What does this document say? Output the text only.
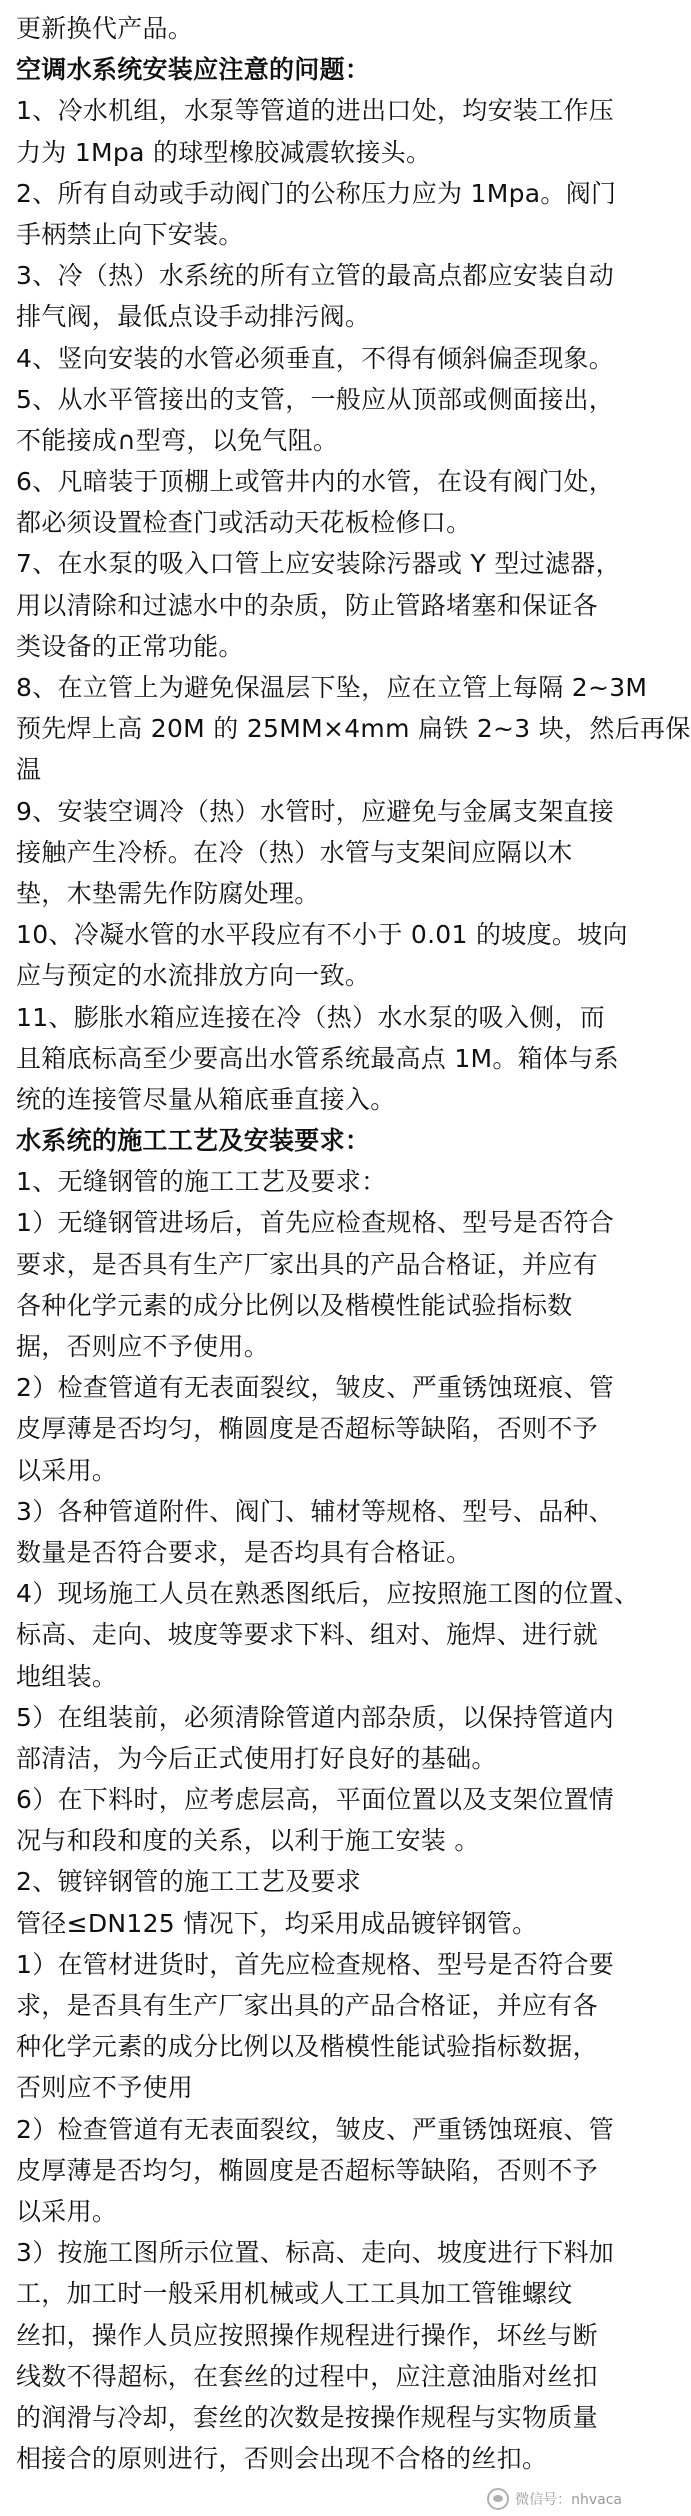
更新换代产品。
空调水系统安装应注意的问题：
1、冷水机组，水泵等管道的进出口处，均安装工作压
力为 1Mpa 的球型橡胶减震软接头。
2、所有自动或手动阀门的公称压力应为 1Mpa。阀门
手柄禁止向下安装。
3、冷（热）水系统的所有立管的最高点都应安装自动
排气阀，最低点设手动排污阀。
4、竖向安装的水管必须垂直，不得有倾斜偏歪现象。
5、从水平管接出的支管，一般应从顶部或侧面接出，
不能接成∩型弯，以免气阻。
6、凡暗装于顶棚上或管井内的水管，在设有阀门处，
都必须设置检查门或活动天花板检修口。
7、在水泵的吸入口管上应安装除污器或 Y 型过滤器，
用以清除和过滤水中的杂质，防止管路堵塞和保证各
类设备的正常功能。
8、在立管上为避免保温层下坠，应在立管上每隔 2~3M
预先焊上高 20M 的 25MM×4mm 扁铁 2~3 块，然后再保
温
9、安装空调冷（热）水管时，应避免与金属支架直接
接触产生冷桥。在冷（热）水管与支架间应隔以木
垫，木垫需先作防腐处理。
10、冷凝水管的水平段应有不小于 0.01 的坡度。坡向
应与预定的水流排放方向一致。
11、膨胀水箱应连接在冷（热）水水泵的吸入侧，而
且箱底标高至少要高出水管系统最高点 1M。箱体与系
统的连接管尽量从箱底垂直接入。
水系统的施工工艺及安装要求：
1、无缝钢管的施工工艺及要求：
1）无缝钢管进场后，首先应检查规格、型号是否符合
要求，是否具有生产厂家出具的产品合格证，并应有
各种化学元素的成分比例以及楷模性能试验指标数
据，否则应不予使用。
2）检查管道有无表面裂纹，皱皮、严重锈蚀斑痕、管
皮厚薄是否均匀，椭圆度是否超标等缺陷，否则不予
以采用。
3）各种管道附件、阀门、辅材等规格、型号、品种、
数量是否符合要求，是否均具有合格证。
4）现场施工人员在熟悉图纸后，应按照施工图的位置、
标高、走向、坡度等要求下料、组对、施焊、进行就
地组装。
5）在组装前，必须清除管道内部杂质，以保持管道内
部清洁，为今后正式使用打好良好的基础。
6）在下料时，应考虑层高，平面位置以及支架位置情
况与和段和度的关系，以利于施工安装 。
2、镀锌钢管的施工工艺及要求
管径≤DN125 情况下，均采用成品镀锌钢管。
1）在管材进货时，首先应检查规格、型号是否符合要
求，是否具有生产厂家出具的产品合格证，并应有各
种化学元素的成分比例以及楷模性能试验指标数据，
否则应不予使用
2）检查管道有无表面裂纹，皱皮、严重锈蚀斑痕、管
皮厚薄是否均匀，椭圆度是否超标等缺陷，否则不予
以采用。
3）按施工图所示位置、标高、走向、坡度进行下料加
工，加工时一般采用机械或人工工具加工管锥螺纹
丝扣，操作人员应按照操作规程进行操作，坏丝与断
线数不得超标，在套丝的过程中，应注意油脂对丝扣
的润滑与冷却，套丝的次数是按操作规程与实物质量
相接合的原则进行，否则会出现不合格的丝扣。
微信号：nhvaca
